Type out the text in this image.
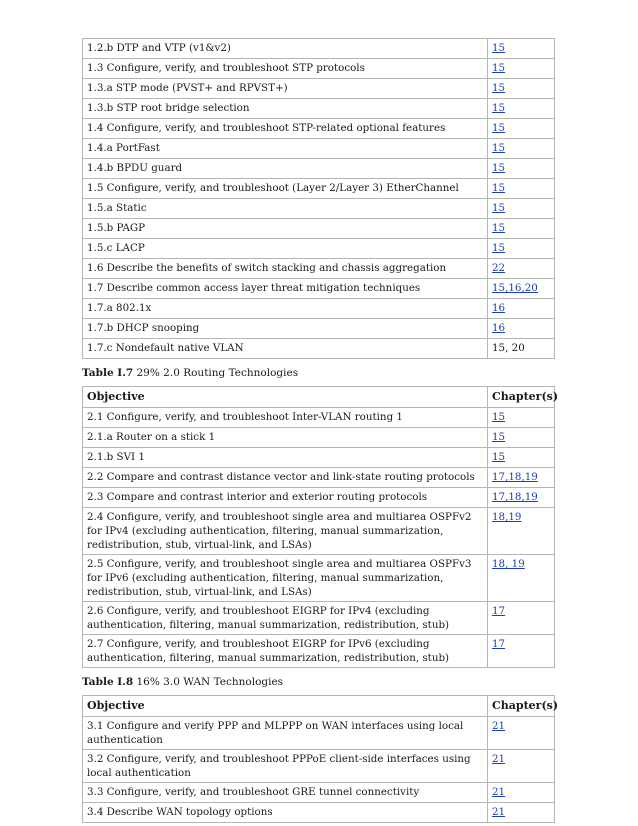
1.2.b DTP and VTP (v1&v2)	15
1.3 Configure, verify, and troubleshoot STP protocols	15
1.3.a STP mode (PVST+ and RPVST+)	15
1.3.b STP root bridge selection	15
1.4 Configure, verify, and troubleshoot STP-related optional features	15
1.4.a PortFast	15
1.4.b BPDU guard	15
1.5 Configure, verify, and troubleshoot (Layer 2/Layer 3) EtherChannel	15
1.5.a Static	15
1.5.b PAGP	15
1.5.c LACP	15
1.6 Describe the benefits of switch stacking and chassis aggregation	22
1.7 Describe common access layer threat mitigation techniques	15,16,20
1.7.a 802.1x	16
1.7.b DHCP snooping	16
1.7.c Nondefault native VLAN	15, 20
Table I.7 29% 2.0 Routing Technologies
Objective	Chapter(s)
2.1 Configure, verify, and troubleshoot Inter-VLAN routing 1	15
2.1.a Router on a stick 1	15
2.1.b SVI 1	15
2.2 Compare and contrast distance vector and link-state routing protocols	17,18,19
2.3 Compare and contrast interior and exterior routing protocols	17,18,19
2.4 Configure, verify, and troubleshoot single area and multiarea OSPFv2 for IPv4 (excluding authentication, filtering, manual summarization, redistribution, stub, virtual-link, and LSAs)	18,19
2.5 Configure, verify, and troubleshoot single area and multiarea OSPFv3 for IPv6 (excluding authentication, filtering, manual summarization, redistribution, stub, virtual-link, and LSAs)	18, 19
2.6 Configure, verify, and troubleshoot EIGRP for IPv4 (excluding authentication, filtering, manual summarization, redistribution, stub)	17
2.7 Configure, verify, and troubleshoot EIGRP for IPv6 (excluding authentication, filtering, manual summarization, redistribution, stub)	17
Table I.8 16% 3.0 WAN Technologies
Objective	Chapter(s)
3.1 Configure and verify PPP and MLPPP on WAN interfaces using local authentication	21
3.2 Configure, verify, and troubleshoot PPPoE client-side interfaces using local authentication	21
3.3 Configure, verify, and troubleshoot GRE tunnel connectivity	21
3.4 Describe WAN topology options	21
